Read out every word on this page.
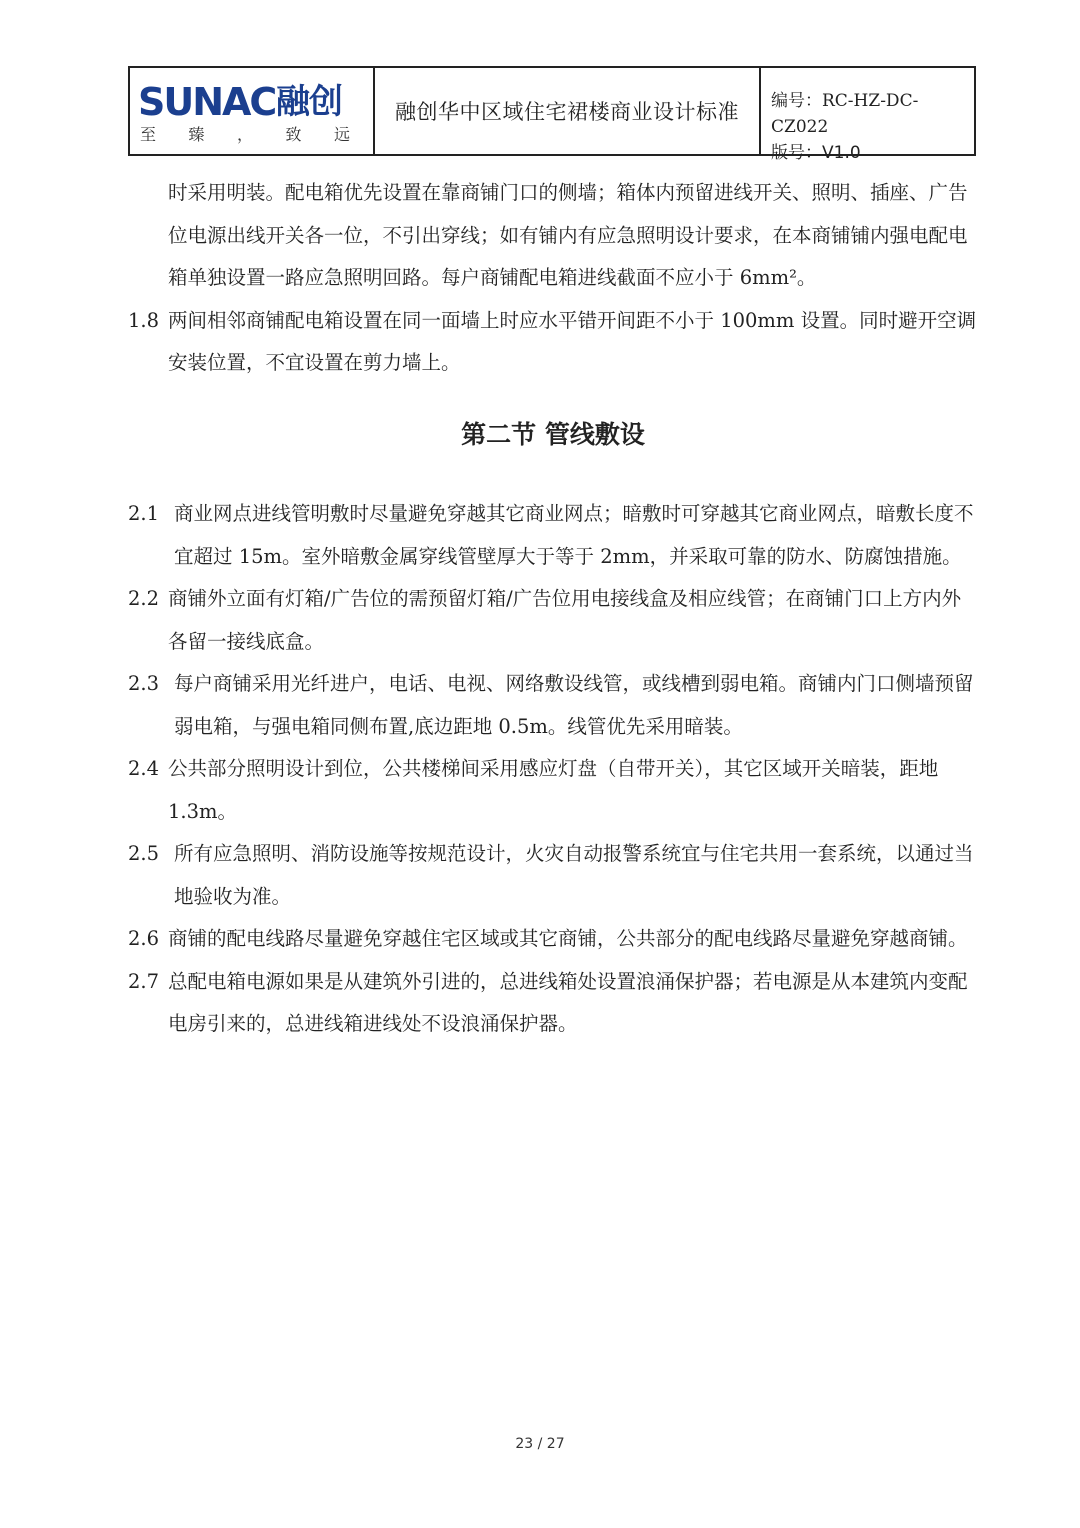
SUNAC 融创
至 臻 ， 致 远
融创华中区域住宅裙楼商业设计标准	编号：RC-HZ-DC-CZ022
版号：V1.0

时采用明装。配电箱优先设置在靠商铺门口的侧墙；箱体内预留进线开关、照明、插座、广告位电源出线开关各一位，不引出穿线；如有铺内有应急照明设计要求，在本商铺铺内强电配电箱单独设置一路应急照明回路。每户商铺配电箱进线截面不应小于 6mm²。

1.8 两间相邻商铺配电箱设置在同一面墙上时应水平错开间距不小于 100mm 设置。同时避开空调安装位置，不宜设置在剪力墙上。

第二节 管线敷设

2.1 商业网点进线管明敷时尽量避免穿越其它商业网点；暗敷时可穿越其它商业网点，暗敷长度不宜超过 15m。室外暗敷金属穿线管壁厚大于等于 2mm，并采取可靠的防水、防腐蚀措施。

2.2 商铺外立面有灯箱/广告位的需预留灯箱/广告位用电接线盒及相应线管；在商铺门口上方内外各留一接线底盒。

2.3 每户商铺采用光纤进户，电话、电视、网络敷设线管，或线槽到弱电箱。商铺内门口侧墙预留弱电箱，与强电箱同侧布置,底边距地 0.5m。线管优先采用暗装。

2.4 公共部分照明设计到位，公共楼梯间采用感应灯盘（自带开关），其它区域开关暗装，距地 1.3m。

2.5 所有应急照明、消防设施等按规范设计，火灾自动报警系统宜与住宅共用一套系统，以通过当地验收为准。

2.6 商铺的配电线路尽量避免穿越住宅区域或其它商铺，公共部分的配电线路尽量避免穿越商铺。

2.7 总配电箱电源如果是从建筑外引进的，总进线箱处设置浪涌保护器；若电源是从本建筑内变配电房引来的，总进线箱进线处不设浪涌保护器。

23 / 27
